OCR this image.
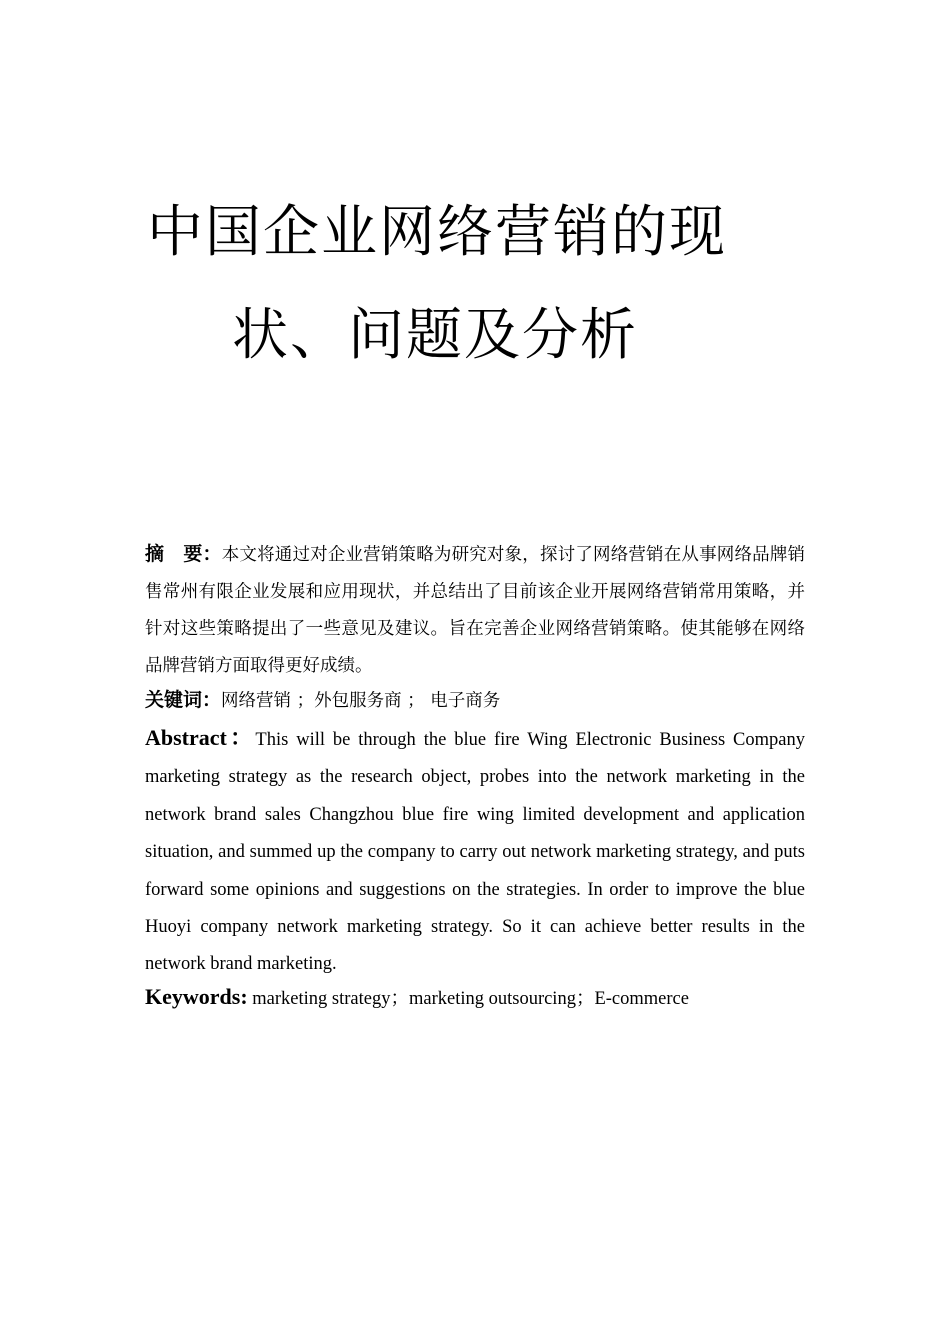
中国企业网络营销的现
状、问题及分析
摘　要：本文将通过对企业营销策略为研究对象，探讨了网络营销在从事网络品牌销售常州有限企业发展和应用现状，并总结出了目前该企业开展网络营销常用策略，并针对这些策略提出了一些意见及建议。旨在完善企业网络营销策略。使其能够在网络品牌营销方面取得更好成绩。
关键词：网络营销 ；外包服务商 ； 电子商务
Abstract：This will be through the blue fire Wing Electronic Business Company marketing strategy as the research object, probes into the network marketing in the network brand sales Changzhou blue fire wing limited development and application situation, and summed up the company to carry out network marketing strategy, and puts forward some opinions and suggestions on the strategies. In order to improve the blue Huoyi company network marketing strategy. So it can achieve better results in the network brand marketing.
Keywords: marketing strategy；marketing outsourcing；E-commerce
